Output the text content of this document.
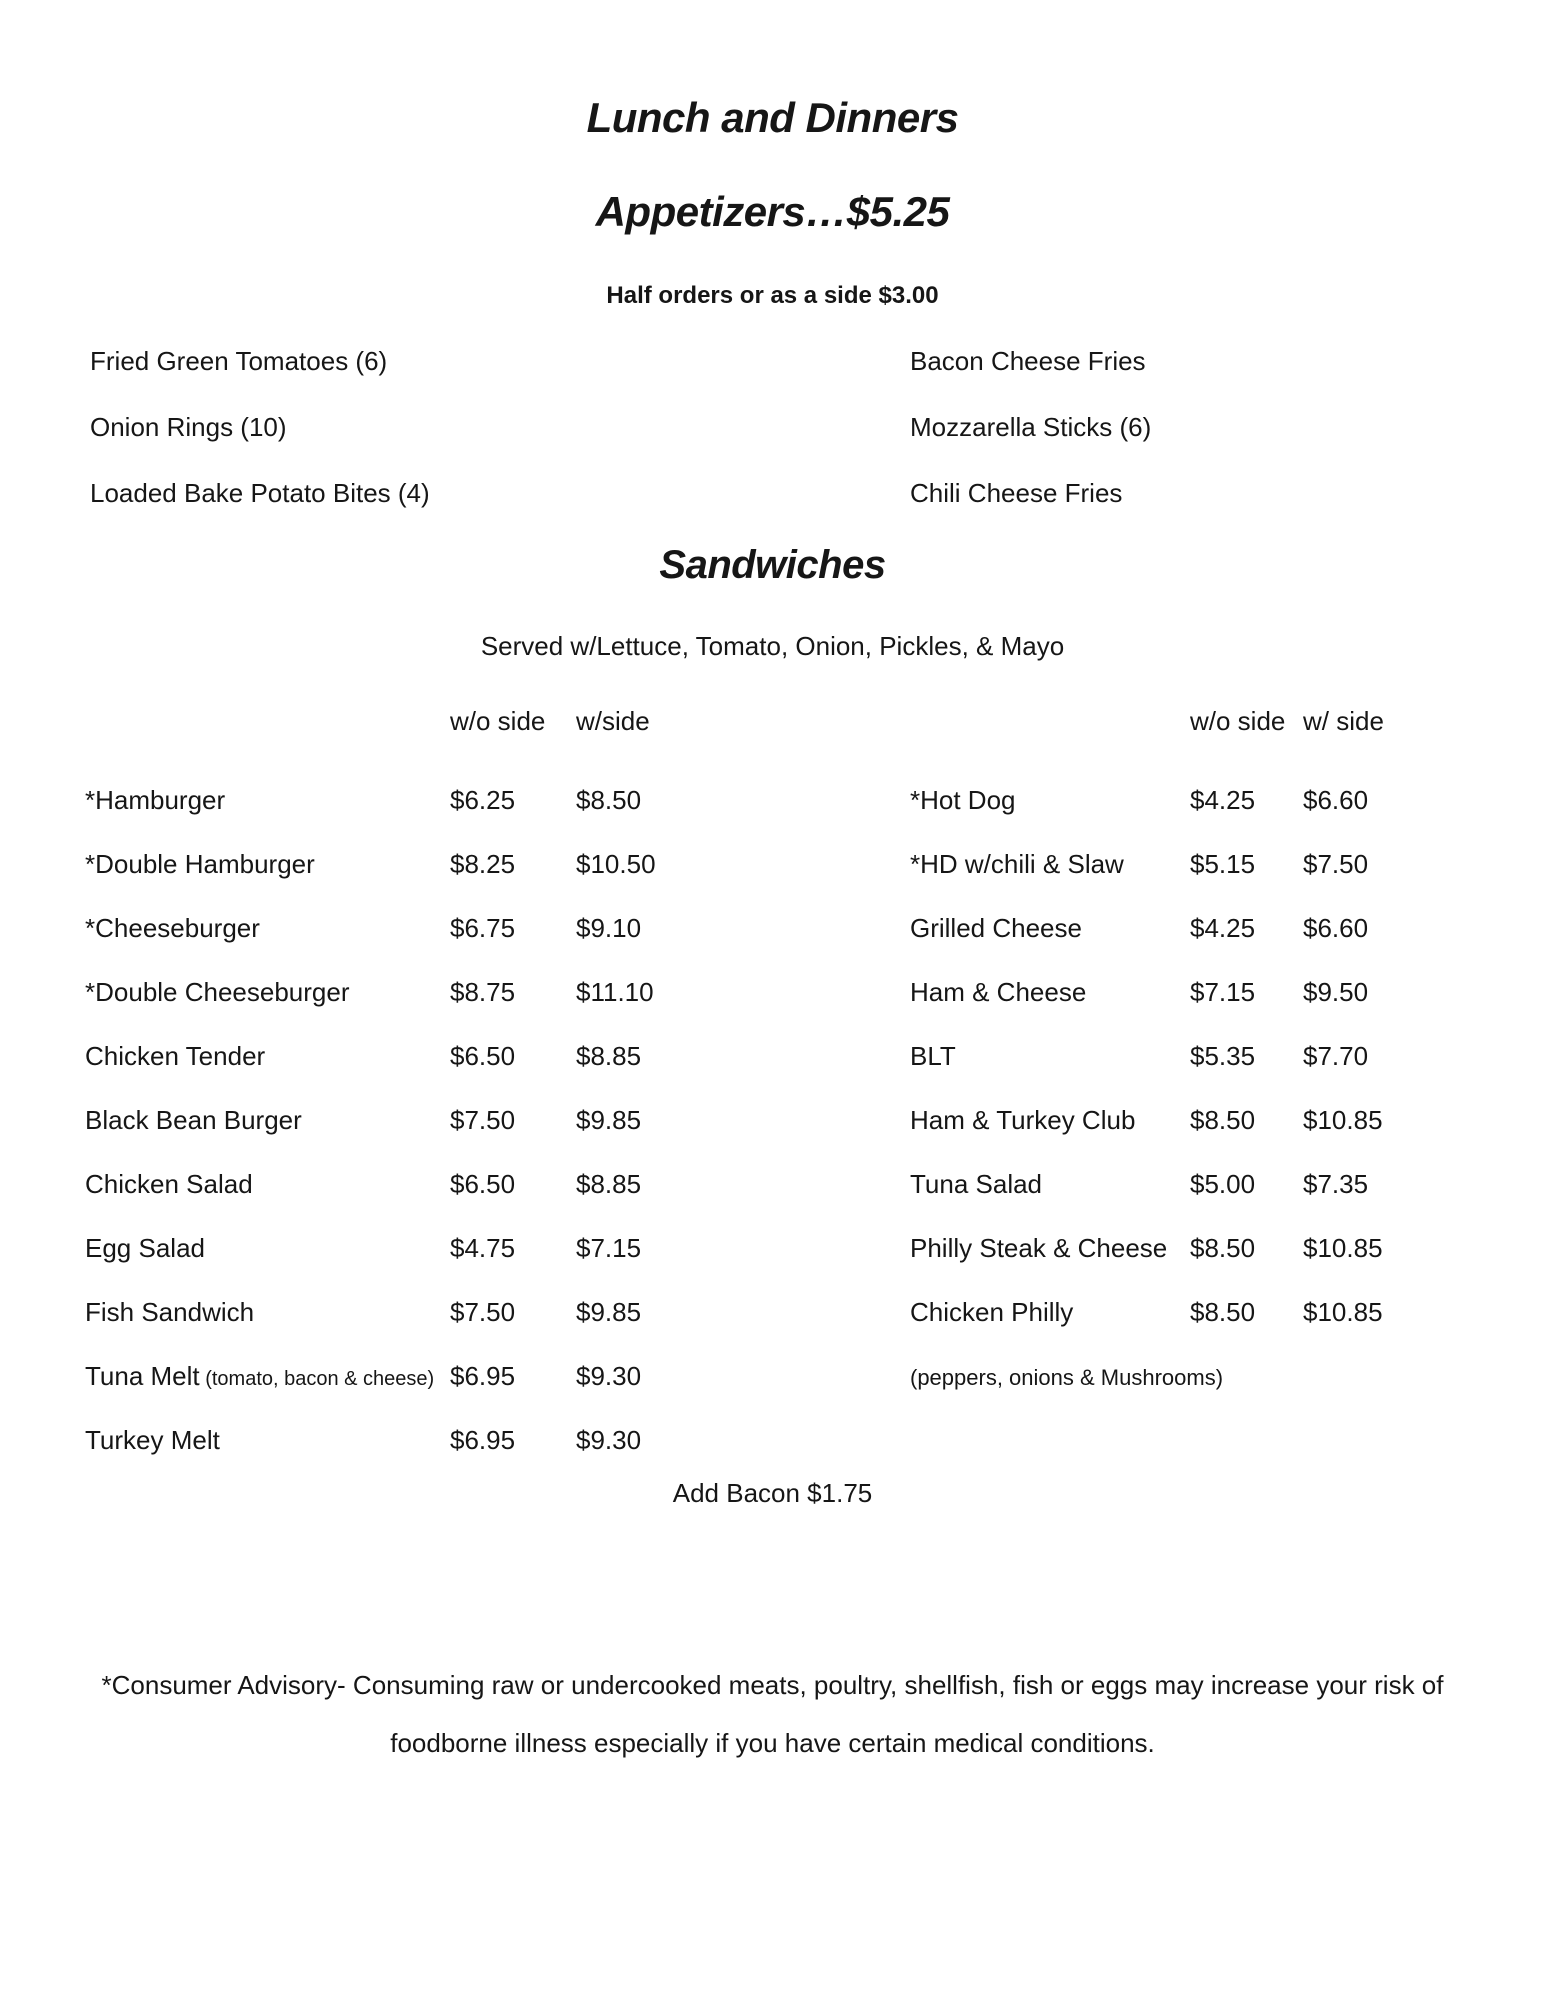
Lunch and Dinners
Appetizers…$5.25
Half orders or as a side $3.00
Fried Green Tomatoes (6)
Onion Rings (10)
Loaded Bake Potato Bites (4)
Bacon Cheese Fries
Mozzarella Sticks (6)
Chili Cheese Fries
Sandwiches
Served w/Lettuce, Tomato, Onion, Pickles, & Mayo
w/o side	w/side
*Hamburger	$6.25	$8.50
*Double Hamburger	$8.25	$10.50
*Cheeseburger	$6.75	$9.10
*Double Cheeseburger	$8.75	$11.10
Chicken Tender	$6.50	$8.85
Black Bean Burger	$7.50	$9.85
Chicken Salad	$6.50	$8.85
Egg Salad	$4.75	$7.15
Fish Sandwich	$7.50	$9.85
Tuna Melt (tomato, bacon & cheese) $6.95	$9.30
Turkey Melt	$6.95	$9.30
w/o side w/ side
*Hot Dog	$4.25	$6.60
*HD w/chili & Slaw	$5.15	$7.50
Grilled Cheese	$4.25	$6.60
Ham & Cheese	$7.15	$9.50
BLT	$5.35	$7.70
Ham & Turkey Club	$8.50	$10.85
Tuna Salad	$5.00	$7.35
Philly Steak & Cheese $8.50	$10.85
Chicken Philly	$8.50	$10.85
(peppers, onions & Mushrooms)
Add Bacon $1.75
*Consumer Advisory- Consuming raw or undercooked meats, poultry, shellfish, fish or eggs may increase your risk of foodborne illness especially if you have certain medical conditions.
